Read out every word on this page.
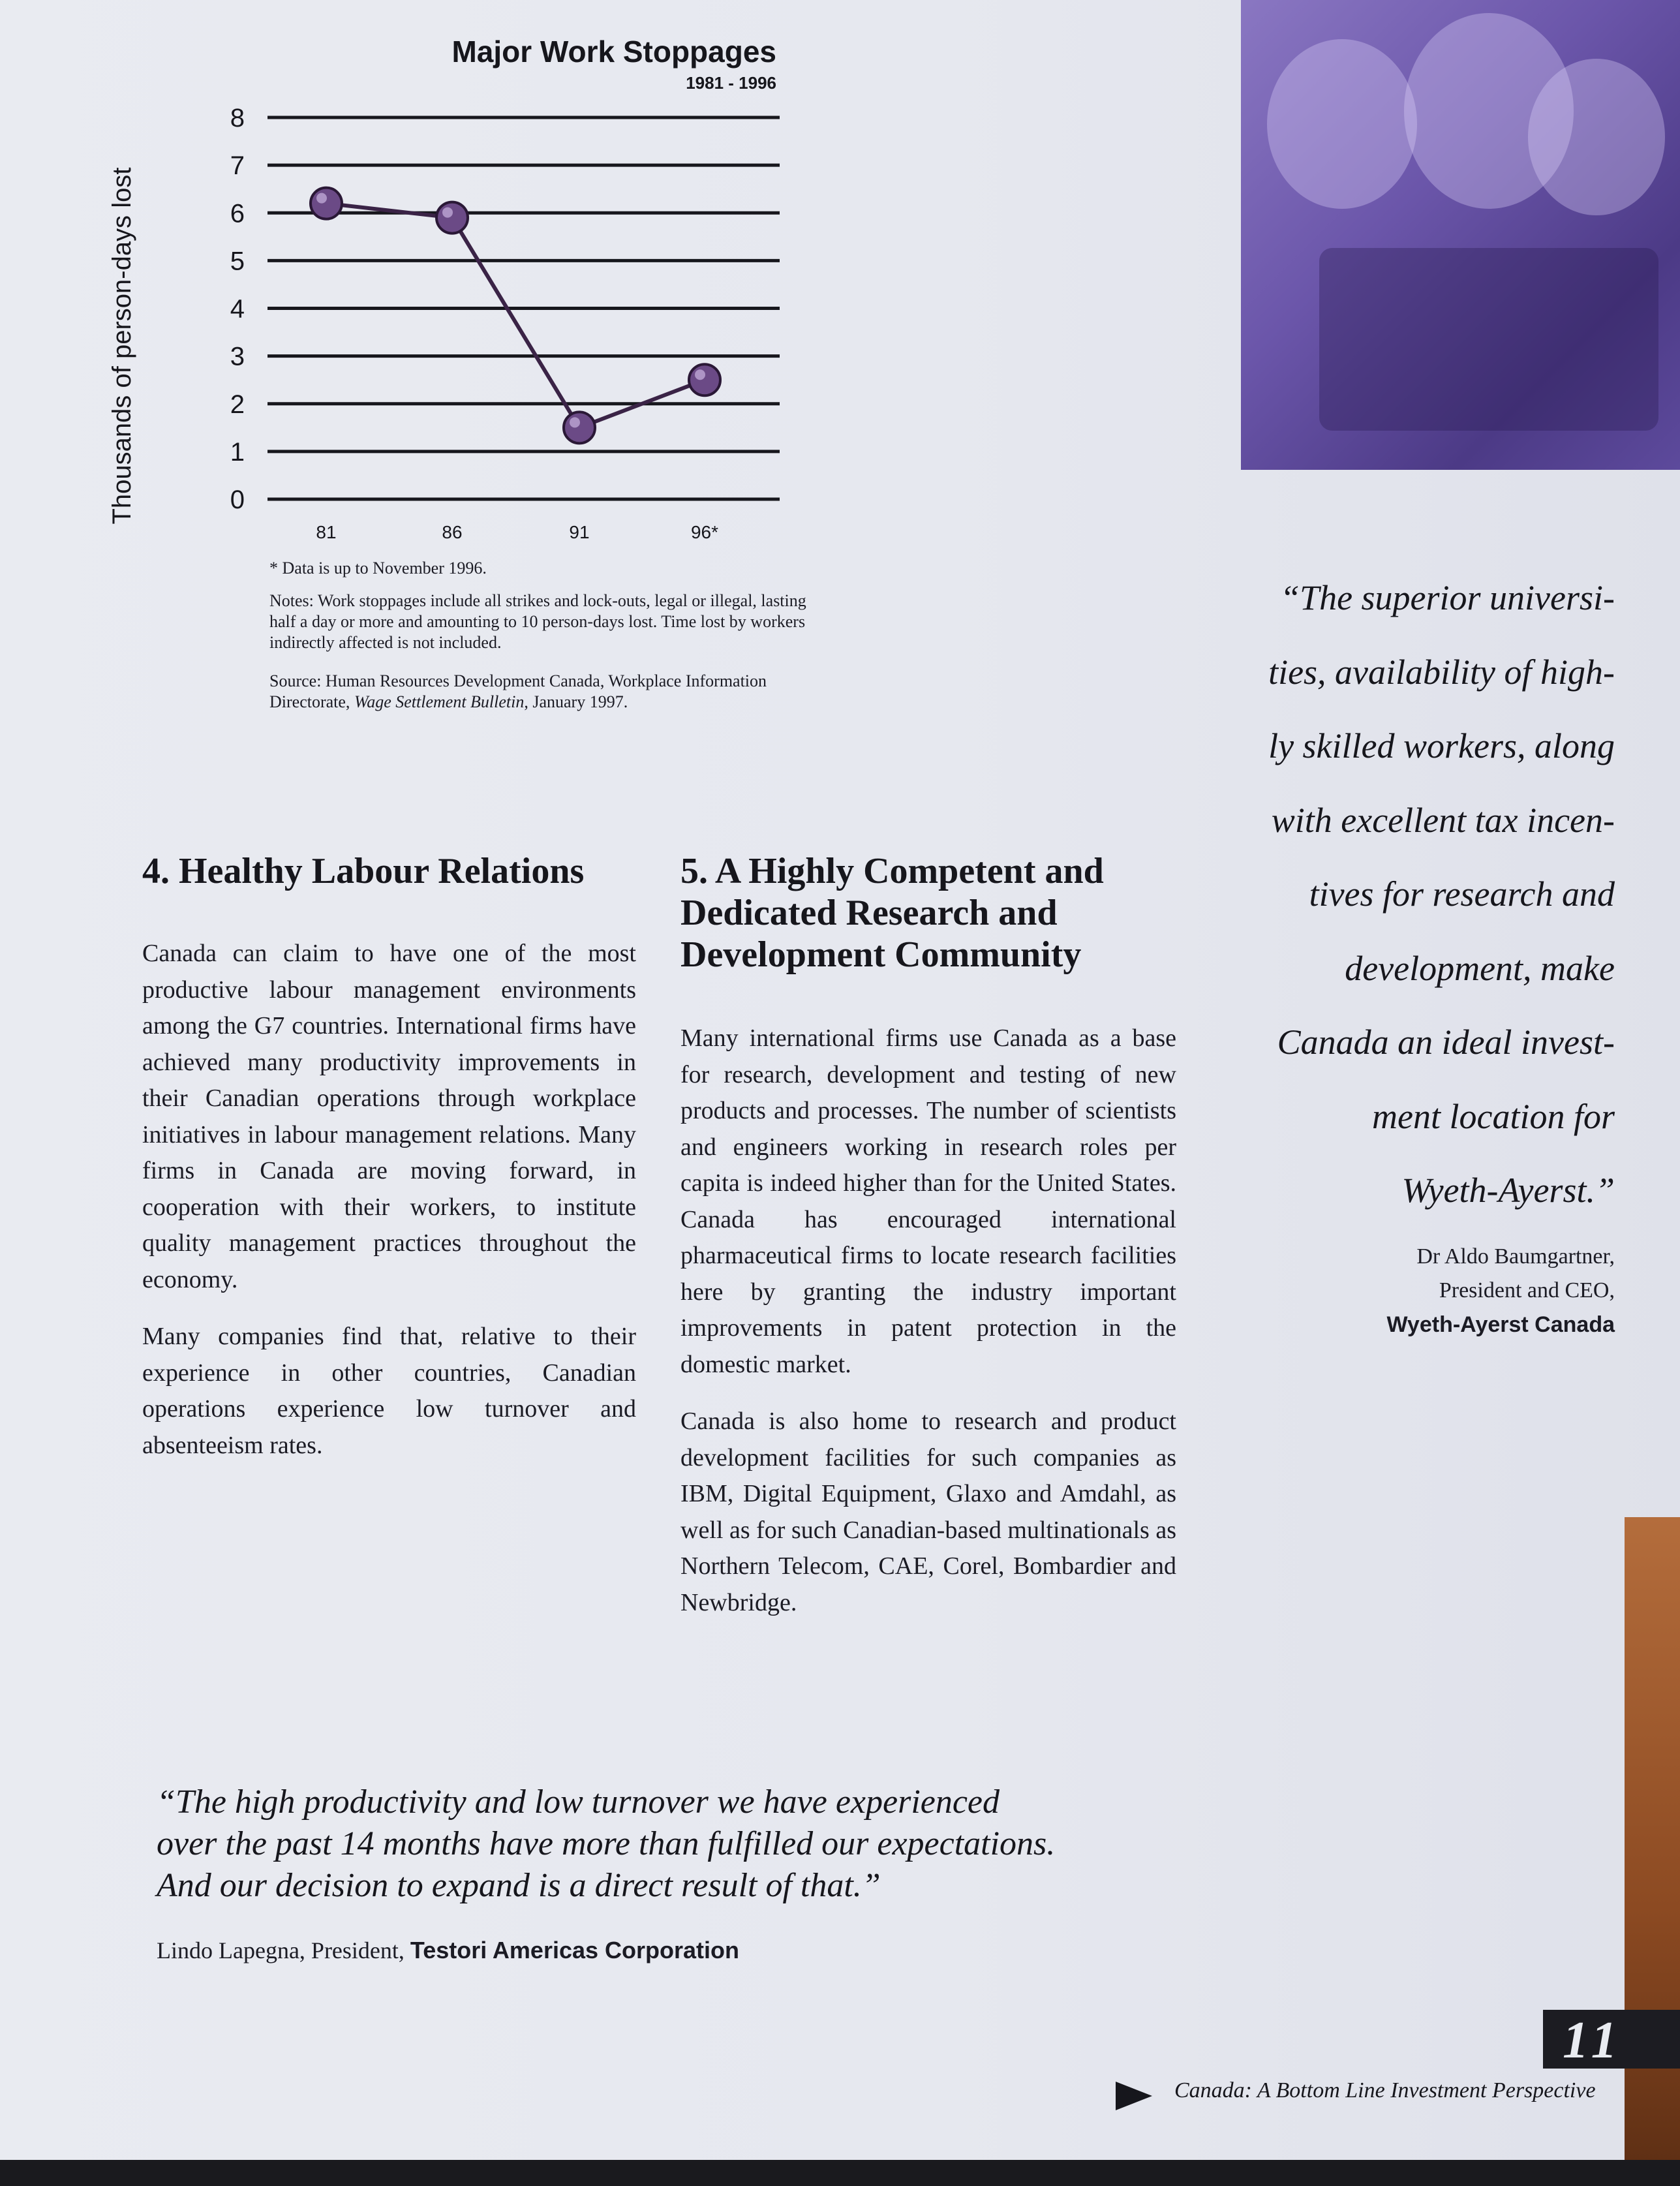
Major Work Stoppages
1981 - 1996
Thousands of person-days lost	0
1
2
3
4
5
6
7
8
81	86	91	96*
* Data is up to November 1996.
Notes: Work stoppages include all strikes and lock-outs, legal or illegal, lasting half a day or more and amounting to 10 person-days lost. Time lost by workers indirectly affected is not included.
Source: Human Resources Development Canada, Workplace Information Directorate, Wage Settlement Bulletin, January 1997.
4. Healthy Labour Relations

Canada can claim to have one of the most productive labour management environments among the G7 countries. International firms have achieved many productivity improvements in their Canadian operations through workplace initiatives in labour management relations. Many firms in Canada are moving forward, in cooperation with their workers, to institute quality management practices throughout the economy.

Many companies find that, relative to their experience in other countries, Canadian operations experience low turnover and absenteeism rates.

5. A Highly Competent and Dedicated Research and Development Community

Many international firms use Canada as a base for research, development and testing of new products and processes. The number of scientists and engineers working in research roles per capita is indeed higher than for the United States. Canada has encouraged international pharmaceutical firms to locate research facilities here by granting the industry important improvements in patent protection in the domestic market.

Canada is also home to research and product development facilities for such companies as IBM, Digital Equipment, Glaxo and Amdahl, as well as for such Canadian-based multinationals as Northern Telecom, CAE, Corel, Bombardier and Newbridge.

“The superior universi-
ties, availability of high-
ly skilled workers, along
with excellent tax incen-
tives for research and
development, make
Canada an ideal invest-
ment location for
Wyeth-Ayerst.”
Dr Aldo Baumgartner,
President and CEO,
Wyeth-Ayerst Canada
“The high productivity and low turnover we have experienced
over the past 14 months have more than fulfilled our expectations.
And our decision to expand is a direct result of that.”
Lindo Lapegna, President, Testori Americas Corporation
11
Canada: A Bottom Line Investment Perspective
